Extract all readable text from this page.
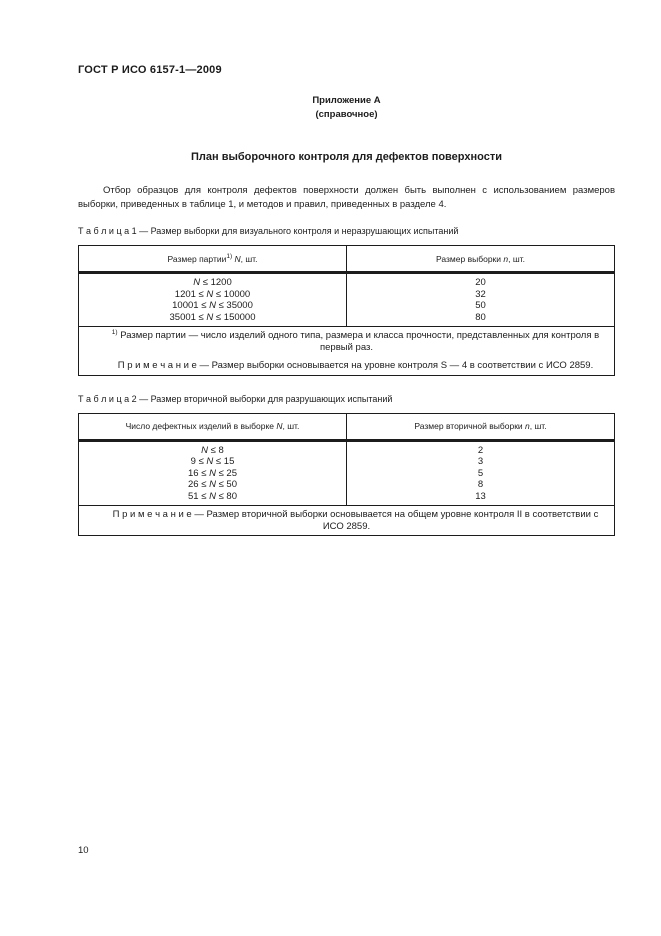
ГОСТ Р ИСО 6157-1—2009
Приложение А
(справочное)
План выборочного контроля для дефектов поверхности

Отбор образцов для контроля дефектов поверхности должен быть выполнен с использованием размеров выборки, приведенных в таблице 1, и методов и правил, приведенных в разделе 4.

Т а б л и ц а 1 — Размер выборки для визуального контроля и неразрушающих испытаний
Размер партии$^{1)}$ N, шт.	Размер выборки n, шт.
N ≤ 1200	20
1201 ≤ N ≤ 10000	32
10001 ≤ N ≤ 35000	50
35001 ≤ N ≤ 150000	80

$^{1)}$ Размер партии — число изделий одного типа, размера и класса прочности, представленных для контроля в первый раз.

П р и м е ч а н и е — Размер выборки основывается на уровне контроля S — 4 в соответствии с ИСО 2859.	

Т а б л и ц а 2 — Размер вторичной выборки для разрушающих испытаний
Число дефектных изделий в выборке N, шт.	Размер вторичной выборки n, шт.
N ≤ 8	2
9 ≤ N ≤ 15	3
16 ≤ N ≤ 25	5
26 ≤ N ≤ 50	8
51 ≤ N ≤ 80	13

П р и м е ч а н и е — Размер вторичной выборки основывается на общем уровне контроля II в соответствии с ИСО 2859.	

10
